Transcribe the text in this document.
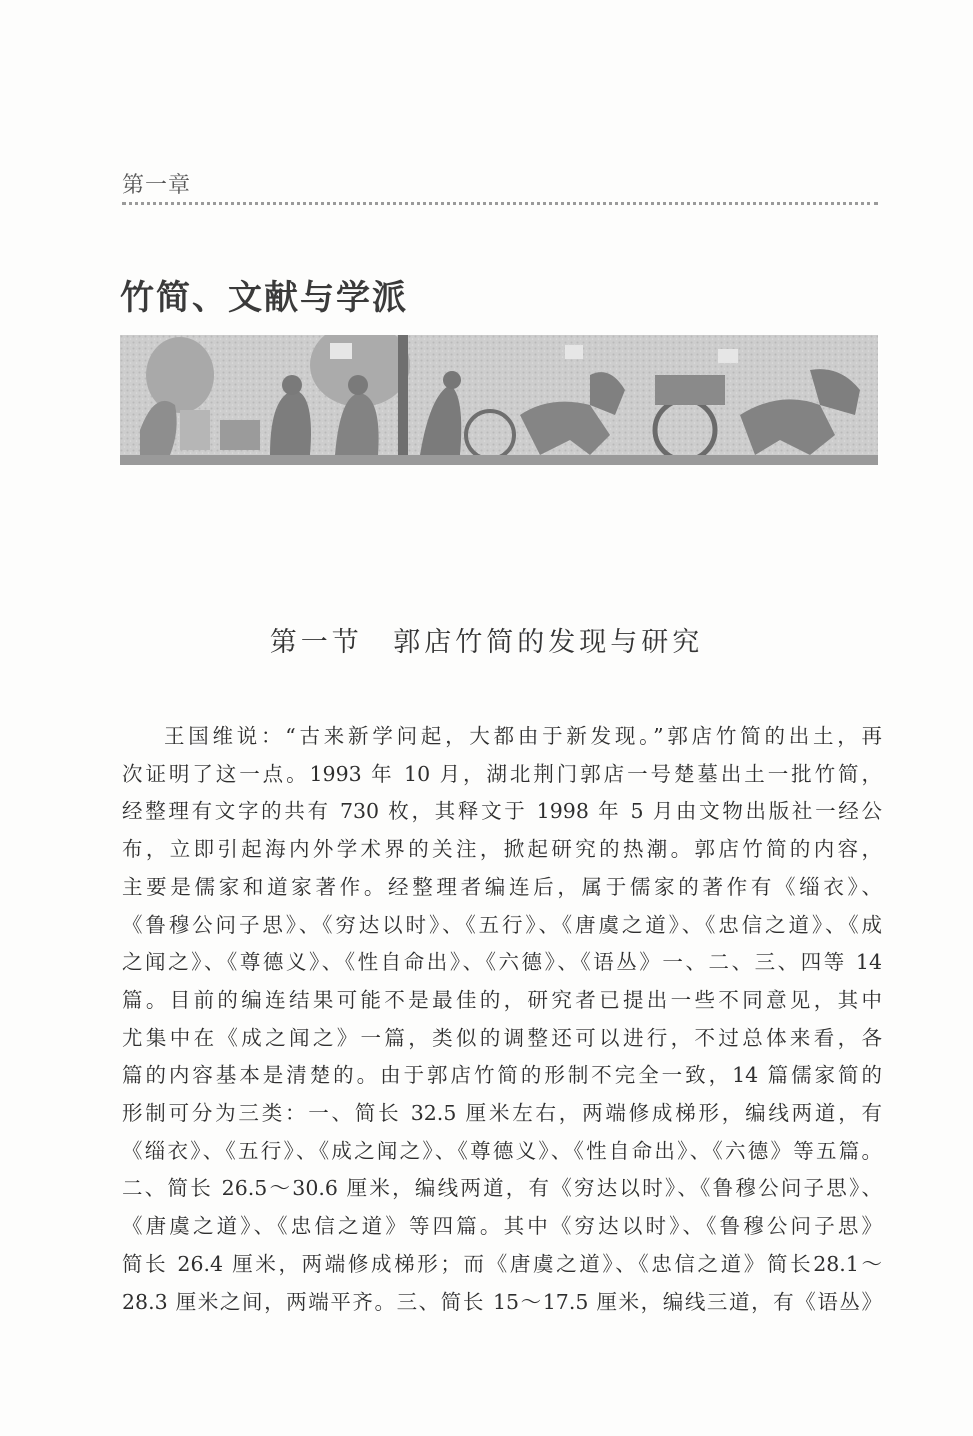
第一章
竹简、文献与学派
第一节 郭店竹简的发现与研究
王国维说：“古来新学问起，大都由于新发现。”郭店竹简的出土，再
次证明了这一点。1993 年 10 月，湖北荆门郭店一号楚墓出土一批竹简，
经整理有文字的共有 730 枚，其释文于 1998 年 5 月由文物出版社一经公
布，立即引起海内外学术界的关注，掀起研究的热潮。郭店竹简的内容，
主要是儒家和道家著作。经整理者编连后，属于儒家的著作有《缁衣》、
《鲁穆公问子思》、《穷达以时》、《五行》、《唐虞之道》、《忠信之道》、《成
之闻之》、《尊德义》、《性自命出》、《六德》、《语丛》一、二、三、四等 14
篇。目前的编连结果可能不是最佳的，研究者已提出一些不同意见，其中
尤集中在《成之闻之》一篇，类似的调整还可以进行，不过总体来看，各
篇的内容基本是清楚的。由于郭店竹简的形制不完全一致，14 篇儒家简的
形制可分为三类：一、简长 32.5 厘米左右，两端修成梯形，编线两道，有
《缁衣》、《五行》、《成之闻之》、《尊德义》、《性自命出》、《六德》等五篇。
二、简长 26.5～30.6 厘米，编线两道，有《穷达以时》、《鲁穆公问子思》、
《唐虞之道》、《忠信之道》等四篇。其中《穷达以时》、《鲁穆公问子思》
简长 26.4 厘米，两端修成梯形；而《唐虞之道》、《忠信之道》简长28.1～
28.3 厘米之间，两端平齐。三、简长 15～17.5 厘米，编线三道，有《语丛》
